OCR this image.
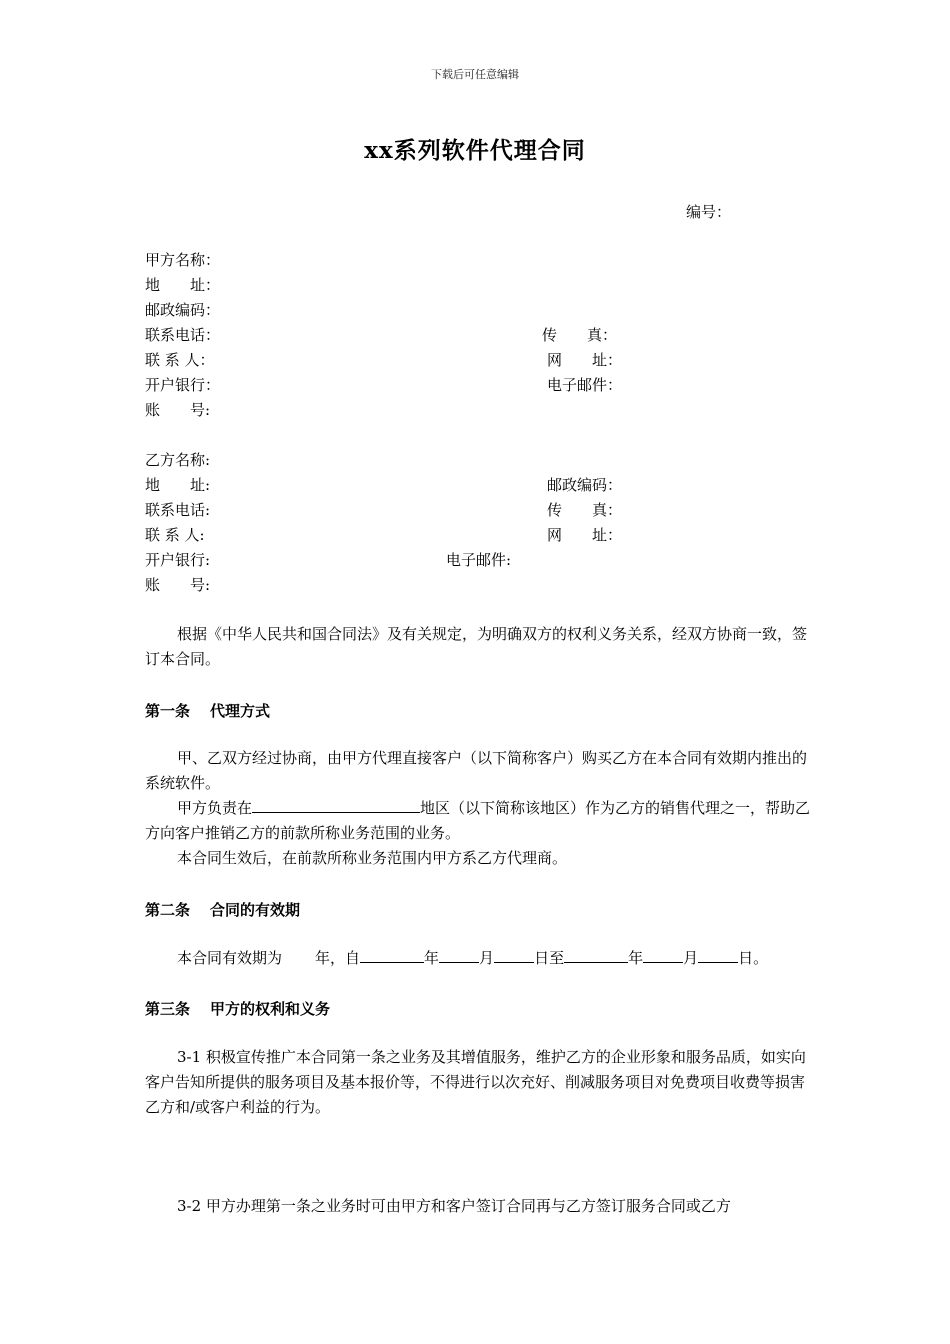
下载后可任意编辑
xx系列软件代理合同
编号：
甲方名称：
地　　址：
邮政编码：
联系电话：	传　　真：
联 系 人：	网　　址：
开户银行：	电子邮件：
账　　号:
乙方名称:
地　　址:	邮政编码：
联系电话:	传　　真：
联 系 人:	网　　址：
开户银行:	电子邮件:
账　　号:
根据《中华人民共和国合同法》及有关规定，为明确双方的权利义务关系，经双方协商一致，签订本合同。
第一条 代理方式

甲、乙双方经过协商，由甲方代理直接客户（以下简称客户）购买乙方在本合同有效期内推出的系统软件。

甲方负责在	地区（以下简称该地区）作为乙方的销售代理之一，帮助乙方向客户推销乙方的前款所称业务范围的业务。

本合同生效后，在前款所称业务范围内甲方系乙方代理商。

第二条 合同的有效期

本合同有效期为 年，自	年	月	日至	年	月	日。

第三条 甲方的权利和义务

3-1 积极宣传推广本合同第一条之业务及其增值服务，维护乙方的企业形象和服务品质，如实向客户告知所提供的服务项目及基本报价等，不得进行以次充好、削减服务项目对免费项目收费等损害乙方和/或客户利益的行为。

3-2 甲方办理第一条之业务时可由甲方和客户签订合同再与乙方签订服务合同或乙方
